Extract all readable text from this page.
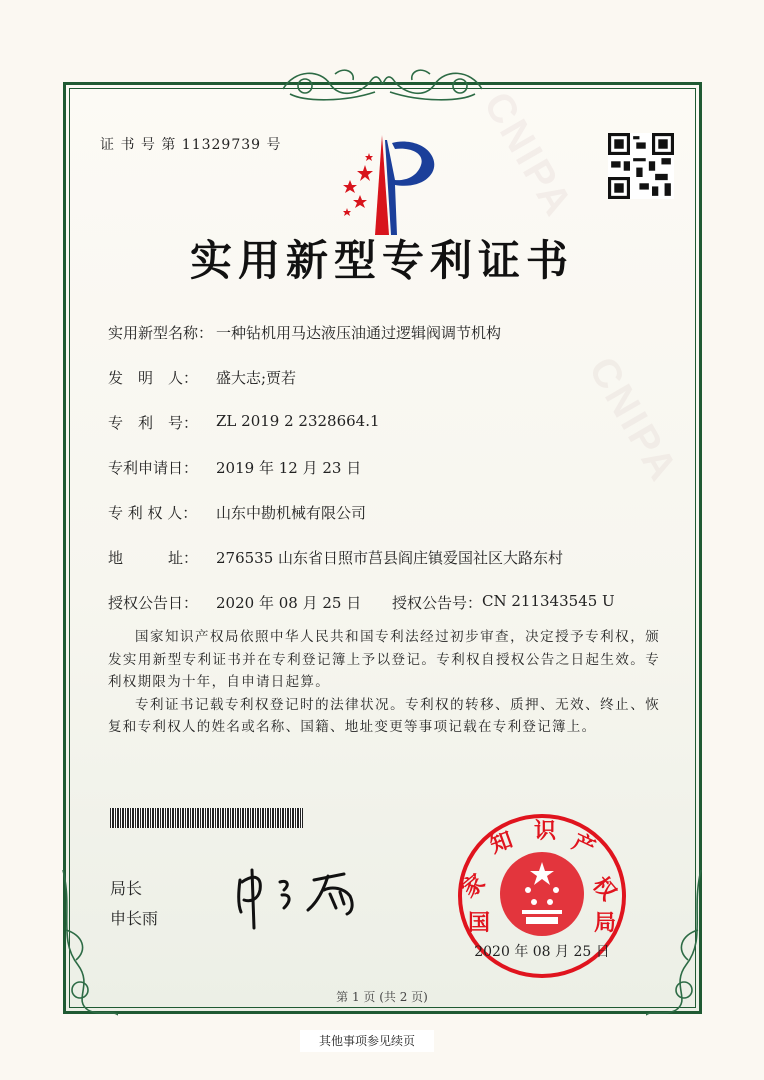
CNIPA
CNIPA
证 书 号 第 11329739 号
实用新型专利证书
实用新型名称： 一种钻机用马达液压油通过逻辑阀调节机构
发　明　人：	盛大志;贾若
专　利　号：	ZL 2019 2 2328664.1
专利申请日：	2019 年 12 月 23 日
专 利 权 人：	山东中勘机械有限公司
地　　　址：	276535 山东省日照市莒县阎庄镇爱国社区大路东村
授权公告日：	2020 年 08 月 25 日 授权公告号： CN 211343545 U

国家知识产权局依照中华人民共和国专利法经过初步审查，决定授予专利权，颁发实用新型专利证书并在专利登记簿上予以登记。专利权自授权公告之日起生效。专利权期限为十年，自申请日起算。

专利证书记载专利权登记时的法律状况。专利权的转移、质押、无效、终止、恢复和专利权人的姓名或名称、国籍、地址变更等事项记载在专利登记簿上。

局长
申长雨	国
家
知 识 产
权
局
2020 年 08 月 25 日
第 1 页 (共 2 页)
其他事项参见续页
